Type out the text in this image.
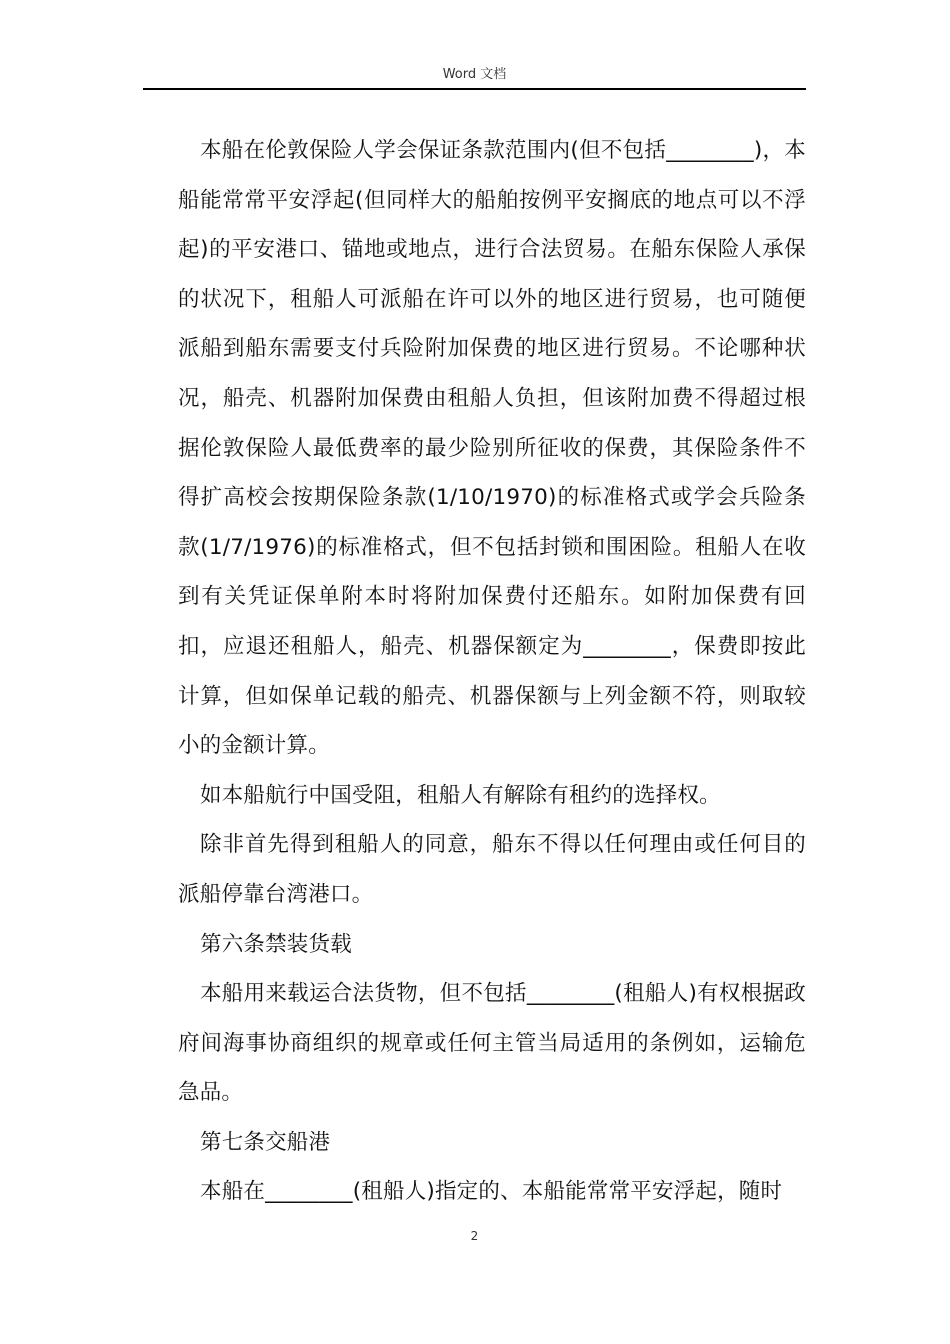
Word 文档

本船在伦敦保险人学会保证条款范围内(但不包括________)，本船能常常平安浮起(但同样大的船舶按例平安搁底的地点可以不浮起)的平安港口、锚地或地点，进行合法贸易。在船东保险人承保的状况下，租船人可派船在许可以外的地区进行贸易，也可随便派船到船东需要支付兵险附加保费的地区进行贸易。不论哪种状况，船壳、机器附加保费由租船人负担，但该附加费不得超过根据伦敦保险人最低费率的最少险别所征收的保费，其保险条件不得扩高校会按期保险条款(1/10/1970)的标准格式或学会兵险条款(1/7/1976)的标准格式，但不包括封锁和围困险。租船人在收到有关凭证保单附本时将附加保费付还船东。如附加保费有回扣，应退还租船人，船壳、机器保额定为________，保费即按此计算，但如保单记载的船壳、机器保额与上列金额不符，则取较小的金额计算。

如本船航行中国受阻，租船人有解除有租约的选择权。

除非首先得到租船人的同意，船东不得以任何理由或任何目的派船停靠台湾港口。

第六条禁装货载

本船用来载运合法货物，但不包括________(租船人)有权根据政府间海事协商组织的规章或任何主管当局适用的条例如，运输危急品。

第七条交船港

本船在________(租船人)指定的、本船能常常平安浮起，随时

2
